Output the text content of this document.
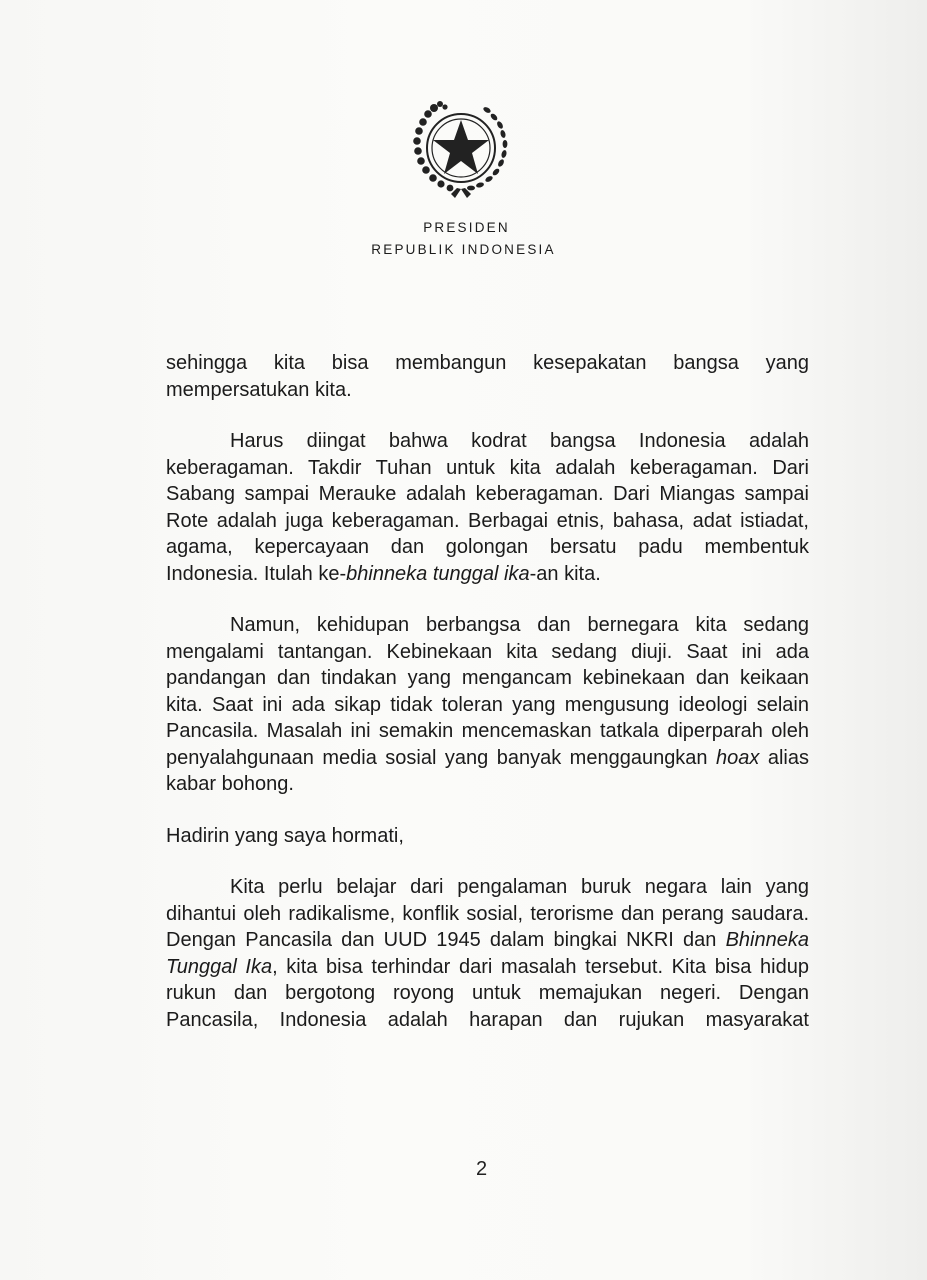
PRESIDEN
REPUBLIK INDONESIA

sehingga kita bisa membangun kesepakatan bangsa yang mempersatukan kita.

Harus diingat bahwa kodrat bangsa Indonesia adalah keberagaman. Takdir Tuhan untuk kita adalah keberagaman. Dari Sabang sampai Merauke adalah keberagaman. Dari Miangas sampai Rote adalah juga keberagaman. Berbagai etnis, bahasa, adat istiadat, agama, kepercayaan dan golongan bersatu padu membentuk Indonesia. Itulah ke-bhinneka tunggal ika-an kita.

Namun, kehidupan berbangsa dan bernegara kita sedang mengalami tantangan. Kebinekaan kita sedang diuji. Saat ini ada pandangan dan tindakan yang mengancam kebinekaan dan keikaan kita. Saat ini ada sikap tidak toleran yang mengusung ideologi selain Pancasila. Masalah ini semakin mencemaskan tatkala diperparah oleh penyalahgunaan media sosial yang banyak menggaungkan hoax alias kabar bohong.

Hadirin yang saya hormati,

Kita perlu belajar dari pengalaman buruk negara lain yang dihantui oleh radikalisme, konflik sosial, terorisme dan perang saudara. Dengan Pancasila dan UUD 1945 dalam bingkai NKRI dan Bhinneka Tunggal Ika, kita bisa terhindar dari masalah tersebut. Kita bisa hidup rukun dan bergotong royong untuk memajukan negeri. Dengan Pancasila, Indonesia adalah harapan dan rujukan masyarakat

2
